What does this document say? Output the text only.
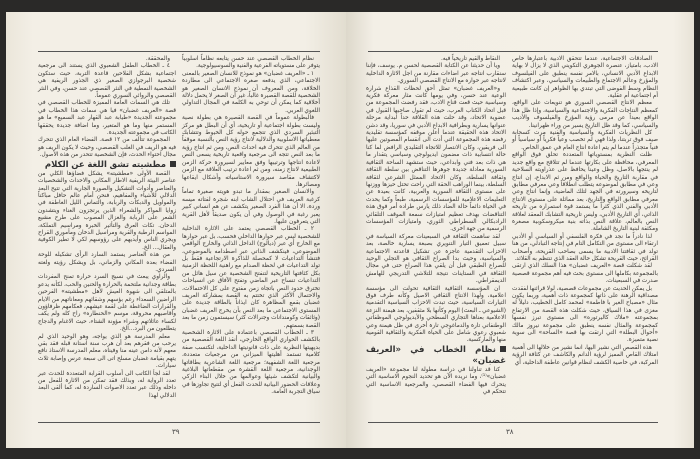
نظام الخطاب القصصي عند حسن يتابعه نظاماً اسلوبياً يتوفر على مستوياته الفرعية والفنية والسوسيولوجية.

١ ـ «العريف غضبان» هو نموذج للانسان الصغير بالمعنى الاجتماعي، الذي يدفعه صغره الاجتماعي الى مطاردة الخلافة، ومن المعروف أن نموذج الانسان الصغير هو الشخصية للقصة القصيرة غالباً، غير أن الصغر لا يحمل دلالة أخلاقية كما يمكن أن توحي به الكلمة في المجال التداولي اللغوي العربي.

فالبطولة عموماً في القصة القصيرة هي بطولة نصية وليست بطولة اجتماعية أو تاريخية، أي أن البطل هو مركز التبئير السردي الذي تتجمع حوله كل الخيوط وتتشابك معطياتها الاسلوبية والدلالية لانتاج رؤية النص بالنسبة موقفاً من العالم الذي تتحرك فيه احداث النص، ومن ثم انتاج رؤية ما بعد النص تتجه الى مرجعية واقعية تاريخية يسعى النص لاعادة انتاجها وترتيبها وفق معايير لسيرورة حركة الزمن الطبيعية لانتاج زمنه، ومن ثم اعادة ترتيب العلاقة مع الزمن لاكتشاف مقاصد سيرورة الاستاسياته وأشكال ايقاعها ومصائرها.

والانسان الصغير بمقدار ما تبدو هويته صغيرة تماماً كرغبة العريف في احتلال الشاب ابنه شجرة لفتاته ميسه وردة، الا أن هذا الفرد الصغير يتكشف عن هم انساني كبير يعبر رغبة في الوصول وفي أن يكون صديقاً لأهل القرية التي يتعرفون عليها.

٢ ـ الخطاب القصصي يعتمد على الاثارة الداخلية للشخصية ليس عبر حوارها الداخلي فحسب، بل عبر حوارها مع الخارج أي عبر (ديالوج) الداخل الذاتي والخارج الواقعي الموضوعي، فينكشف الذاتي عبر اصطدامه بالموضوعي، فتنشأ التداعيات لا كمحصلة للذاكرة الارتجاعية فقط بل تولد التداعيات في لحظة الصدام مع راهنية اللحظة الزمنية بكل كثافتها التاريخية لتنفتح الشخصية عن سيل هائل من التداعيات تنساح عبر الماضي وتفتح الآفاق عن انسياحات تخترق حدود النص باتجاه زمن مفتوح على كل الاحتمالات، والاحتمال الأكثر الذي تختتم به القصة بمشاركة العريف غضبان بقمع المظاهرة كان ايذاناً بالطاقة جديدة على المستوى الاجتماعي ما بعد النص بأن يخرج العريف غضبان (وثائقات وكومندانات وجنرالات كثر) سيستمون زمن ما بعد القصة بسمتهم.

٣ ـ الخطاب القصصي باعتماده على الاثارة الشخصية بالكشف الحواري الواقع الخارجي، أنقذ اللغة القصصية من بديهيتها النظرية على ذات قانونيتها الداخلية، لتكتسب صفة كلامية تستمد أهليتها الميزاني من مرجعيات متعددة، مرجعية اللغة الشفهية؛ مرجعية اللغة الشاعرية بطاقاتها الوجدانية، مرجعية اللغة القشرة من مقطعاتها البلاغية والبيانية لتكشف شيئها وعوالمها من خلال البناء الزكي وعلاقات الحضور البيانية للحدث الفعل أي لتتيح تجاوزها في سياق التجربة العامة.

والمحققة.

٤ ـ الخطاب الطفل الشعبوي الذي يستند الى مرجعية اجتماعية بشكل الفلاحين قاعدة التربة، حيث ستكون شخصية البرجوازي الصغير ذي الجذور الريفية هي الشخصية النمطية في النثر القصصي عند حسن، وفي النثر القصصي والروائي السوري عموماً.

تلك هي السمات العامة المميزة للخطاب القصصي في قصة «العريف غضبان» فيا هي سمات هذا الخطاب في مجموعته الجديدة «طيابة عبد القهار عبد السميع» ما هو المستمر منها وما هو المتغير، وما اضافة جديدة يحققها الكاتب في مجموعته الجديدة.

المجموعة تتألف من ١٢ قصة. الفضاء العام الذي تتحرك فيه هو الريف في الغلب القصصي، وحيث لا يكون الريف هو مجال احتواء الحدث، فإن الشخصية تتحدر من هذه الأصول.

مطشيته تشق اللغة عن الكلام

القصة الأولى «مطشيته» يشكل فضاؤها الكلي من عناصر البيئة الريفية الاطار المكاني والاحداث والشخصيات والعناصر وأدوات التشكيل والصورة الجارية التي تتيح البعد الدلالي للأشياء والمفاهيم، فنحن أمام عالم حافل مباكناً والمواويل والدبكات والربابة، والتماس الليل الغاطفة في زوايا المواكر والشعراء الذين يرتجزون الغناء ويتشدون الشعر على الربابة والغزال المصوب على طرح مشيع الدخان. تكات العرق والتأثير الخبرة ومراسيم التملكة، المواسم الرطبة والقرية ومراسيل الدخان ومأموري القراح ويجري الناس وأيديهم على رؤوسهم لكي لا تطير الكوفية والعقال... الخ.

من هذه العناصر يستمد السارد الرأى تشكيله للوحة الفضاء بعده المكاني والزماني، بل ويشكل رؤيته ولغته السردي.

والراوي يبعث في نسيج السرد حرارة تمنح المفردات بطاقة وجدانية ملتحمة بالحرارة والحنين والحب، لكأنه يدعو بالمتلقي الى شهوة العيش لأهل «مطشيته» الفرحين الراضين السعداء رغم بؤسهم وشقائهم ومعاناتهم من الايام والقرارات الضاغطة على لقمة عيشهم، فعكامهم ظرفاؤون وأقاصيهم محروقة، موسم «الحنطاره» راح كله ولم يكف لكساء عائلاتهم وشراء مؤونة الشتاء، حيث الاغنام والدجاج يتطلعون من البرد...الخ.

معلم المدرسة هو الذي يواجه، وهو الوحيد الذي لم يرحب من فقرهم بعد أن هرب سنة استانة قبله فقد بقي معهم لأنه دامن عينه منا وفيناه، معلم المدرسة الاستاذ نافع يتهم بقيامة غضبان مسلح اتى الى سبعة عرس وإصابة ثلاث سيارات.

لقد لجأ الكاتب الى أسلوب القرابة المتعددة للحدث عبر تعدد الرواية له، وبذلك فقد تمكن من الاثارة للفعل من داخله وذلك عبر تعدد الاصوات الساردة له، كما ألقى البعد الدلالي لهذا

٣٩

الصادقات الاجتماعية، عندما تتحقق الادبية باعتبارها خاص الادب، بامتياز، عنصره الجوهري التكويني الذي لا يزال لا بهاية الابداع الأدبي الانساني، بالامر نفسه ينطبق على الفيلسوف والمؤرخ وعالم الاجتماع والطبيعات والسياسي، وعبر اكتشاف النظام وسط الفوضى التي تبتدي بها الظواهر إن كانت طبيعية أم اجتماعية أم عقلية.

معظم الانتاج القصصي السوري هو تنويعات على الواقع، كمعظم النتاجات الفكرية والاجتماعية والسياسية، وإذا ظل هذا الواقع بعيداً عن مرمى رؤية المؤرخ والفيلسوف والأديب والسياسي، كما وقد ظل التاريخ يسير من وراء ظهرانينا.

كل النظريات الفكرية والسياسية والفنية مرت كسحابة صيف فوق تربتنا، ولذا فهي لم تخصب وعياً فكرياً أو سياسياً أو فنياً متجذراً عندما لم يتم اعادة انتاج العام في عمق الخاص.

ظلت النظرية بمستوياتها المتعددة تحلق فوق الواقع المعرفي، محافظة على بكارتها عندما لم تتلاقح مع واقع جديد لم ينتجها بالاصل، وظل وعينا يحافظ على عذراويته السلاحية في مقاربة التاريخ والحياة والواقع ومن ثم الابداع، إن انتاج وعي في مطابق لموضوعه يتطلب انطلاقاً وعي معرفي مطابق لتاريخه وسيرورته في الجهد لتلك الماضية، وإنما انتاج وعي معرفي مطابق الواقع والتاريخ، بعد مماثلة على مستوى الانتاج الأدبي والفني الذي كثراً ما يستمد قوة استمراره من تاريخه الذاتي، أي التاريخ الأدبي، وليس تاريخية التشابك المعقد لعلاقة النص بالعالم، علاقة النص بذاته بنية ميكروسكوبية مصغرة ومكثفة لبنية التاريخ الشاملة.

لذا نادراً ما نجد في فكرة الفلسفي أو السياسي أو الأدبي ارتقاء الى مستوى من التكامل التام في إنتاجه التبادلي، من هنا تولد في ثقافتنا الادبية ما يسمى بصاحب القريحة، وأصحاب القرائح، حيث القريحة تشكل حالة العقد الذي تنتظم به القلائد.

لقد شكلت قصة «العريف غضبان» هذا السلك الذي ارتقى بالمجموعة بكاملها الى مستوى بحث فيه أهم مجموعة قصصية صدرت في السبعينات.

بل يمكن الحديث عن مجموعات قصصية، لولا قرائنها لفقدت مصداقية الرهنة على ذاتها كمجموعة ذات أهمية، وربما يكون مثال «مصباح الغير با فاطمة» لمحمد كامل الخطيب، دليلاً له مغزى في هذا السياق، حيث شكلت هذه القصة من الارتفاع بمجموعته «ملاك كاليرتوره» الى مستوى تبرز نفسها كمجموعة والمثال نفسه ينطبق على مجموعة نيروز مالك «أحوال البطلة» التي ارتقت بها قصة «الساحة» الى سوية نصية متميزة.

هذه القصص التي نشير اليها، انما نشير من خلالها الى أهمية امتلاك القاص المميز لرؤية الدانم والكاشف عن كثافة الرؤية المركبة، في خاصية الكشف لنظام قوانين عاطفة الداخلية، أي

النقاط والقيم تاريخياً فيه.

ويا أن حديثنا عن الكتابة القصصية لحسن م. يوسف، فإننا سنقارب انتاجه عبر اضاءات مقارنة من اجل الاثارة الداخلية لانتاجه عبر حواره مع الانتاج القصصي السوري.

و«العريف غضبان» تمثل أحق لحظات القذاع شرارة الوعية عند حسن، وفي يومها كانت مثار معركة فكرية وسياسية حيث قعت قناع الادب، فقد رفضت المجموعة من قبل اتحاد الكتاب العرب، حيث لم تقول صاحبها القبول في عضوية الاتحاد، وقد حلت هذه القلاقة حداً لبداية مرحلة عنوانها يسارية وبطرافية الابداع الأدبي في سوريا، وقد دشن الاتحاد هذه الحقيقة عندما أعلن موقفه كمؤسسة تقليدية رفضه هذه المجموعة التي أدت الى انقسام المصوتين عليها الى فريقين، وكان الانتصار للاتجاه التقليدي الرافض لما كنا حالة انتسابية ذات مضمون ايديولوجي وسياسي يتقدار ما هي ذات بعد فني وابداعي، حيث ستشهد الساحة الثقافية السورية معادلة جديدة جوهرها التناقض بين سلطة الثقافة وثقافة السلطة، وكان الاتحاد الممثل الشرعي لثقافة السلطة، بينما الوراهب الحقة التي راحت تحتل حيزها ووزنها على مستوى الثقافة السورية والعربية، كانت بعيدة عن التعليمات الاعلامية للمؤسسات الرسمية، طبعاً وكما يحدث في الحياة دائماً حالة الضاد ذلك يارس طراده أمر فوق هذه التناقضات بهدف تعظيم امتيازات سمعة الموقف التلقائي الرادبكالي السطراطي الثوري، وامتيازات المؤسسات الرسمية من جهة اخرى.

لقد ساهمت الثقافة في السبعينات معركة السياسة في سبيل تعميق التيار التنويري بصبغة يسارية خالصة، بعد الاحزاب التقدمية عاجزة عن تشكيل قاعدته الاجتماعية والسياسية، وحيث بدا الصراع الثقافي هو التجلي الوحيد للصراع الطبقي قبل أن يلقي هذا الصراع حتى في مجال الثقافة في الستاينات نتيجة للتلاشي التدريجي للهامش الديمقراطي.

ان المؤسسة الثقافية الثقافية تحولت الى مؤسسة اعلامية، ولهذا الانتاج الثقافي الاصيل وكأنه طرف فوق التيارات السياسية، حيث تبدت الاحزاب السياسية التقدمية (الشيوعي ـ البعث) اليوم وكأنها بلا مثقفين، بعد هيمنة النزعة الاعلامية بعناها التجاري السطحي والأيديولوجي الموظفاتي الوطنفاتي تارة والدماغوجي تارة أخرى في ظل هيمنة وعي شعبوي رعوي شامل على الحياة الفكرية والثقافية القومية منها والماركسية.

نظام الخطاب في «العريف غضبان»

كنا قد تناولنا في دراسة مطولة لنا مجموعة «العريف غضبان»⁽¹⁾، وما نريده الآن هو تحديد النجوم الاساسية التي يتحرك فيها الفضاء القصصي، والمرجعية الاساسية التي تتحكم في

٣٨
